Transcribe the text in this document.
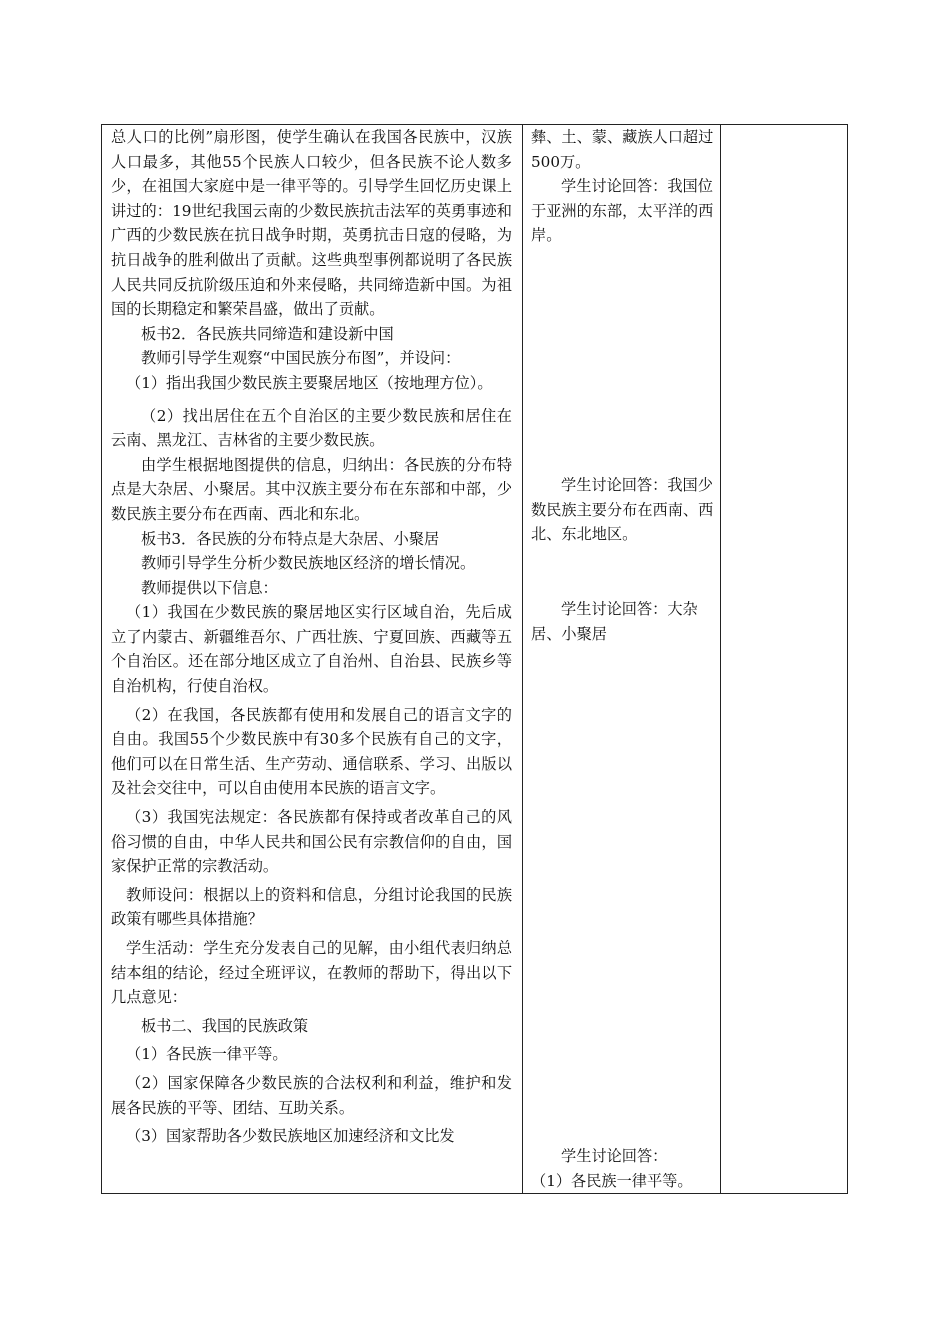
总人口的比例”扇形图，使学生确认在我国各民族中，汉族人口最多，其他55个民族人口较少，但各民族不论人数多少，在祖国大家庭中是一律平等的。引导学生回忆历史课上讲过的：19世纪我国云南的少数民族抗击法军的英勇事迹和广西的少数民族在抗日战争时期，英勇抗击日寇的侵略，为抗日战争的胜利做出了贡献。这些典型事例都说明了各民族人民共同反抗阶级压迫和外来侵略，共同缔造新中国。为祖国的长期稳定和繁荣昌盛，做出了贡献。

板书2．各民族共同缔造和建设新中国

教师引导学生观察“中国民族分布图”，并设问：

（1）指出我国少数民族主要聚居地区（按地理方位）。

（2）找出居住在五个自治区的主要少数民族和居住在云南、黑龙江、吉林省的主要少数民族。

由学生根据地图提供的信息，归纳出：各民族的分布特点是大杂居、小聚居。其中汉族主要分布在东部和中部，少数民族主要分布在西南、西北和东北。

板书3．各民族的分布特点是大杂居、小聚居

教师引导学生分析少数民族地区经济的增长情况。

教师提供以下信息：

（1）我国在少数民族的聚居地区实行区域自治，先后成立了内蒙古、新疆维吾尔、广西壮族、宁夏回族、西藏等五个自治区。还在部分地区成立了自治州、自治县、民族乡等自治机构，行使自治权。

（2）在我国，各民族都有使用和发展自己的语言文字的自由。我国55个少数民族中有30多个民族有自己的文字，他们可以在日常生活、生产劳动、通信联系、学习、出版以及社会交往中，可以自由使用本民族的语言文字。

（3）我国宪法规定：各民族都有保持或者改革自己的风俗习惯的自由，中华人民共和国公民有宗教信仰的自由，国家保护正常的宗教活动。

教师设问：根据以上的资料和信息，分组讨论我国的民族政策有哪些具体措施？

学生活动：学生充分发表自己的见解，由小组代表归纳总结本组的结论，经过全班评议，在教师的帮助下，得出以下几点意见：

板书二、我国的民族政策

（1）各民族一律平等。

（2）国家保障各少数民族的合法权利和利益，维护和发展各民族的平等、团结、互助关系。

（3）国家帮助各少数民族地区加速经济和文比发

彝、土、蒙、藏族人口超过500万。

学生讨论回答：我国位于亚洲的东部，太平洋的西岸。

学生讨论回答：我国少数民族主要分布在西南、西北、东北地区。

学生讨论回答：大杂居、小聚居

学生讨论回答：

（1）各民族一律平等。
